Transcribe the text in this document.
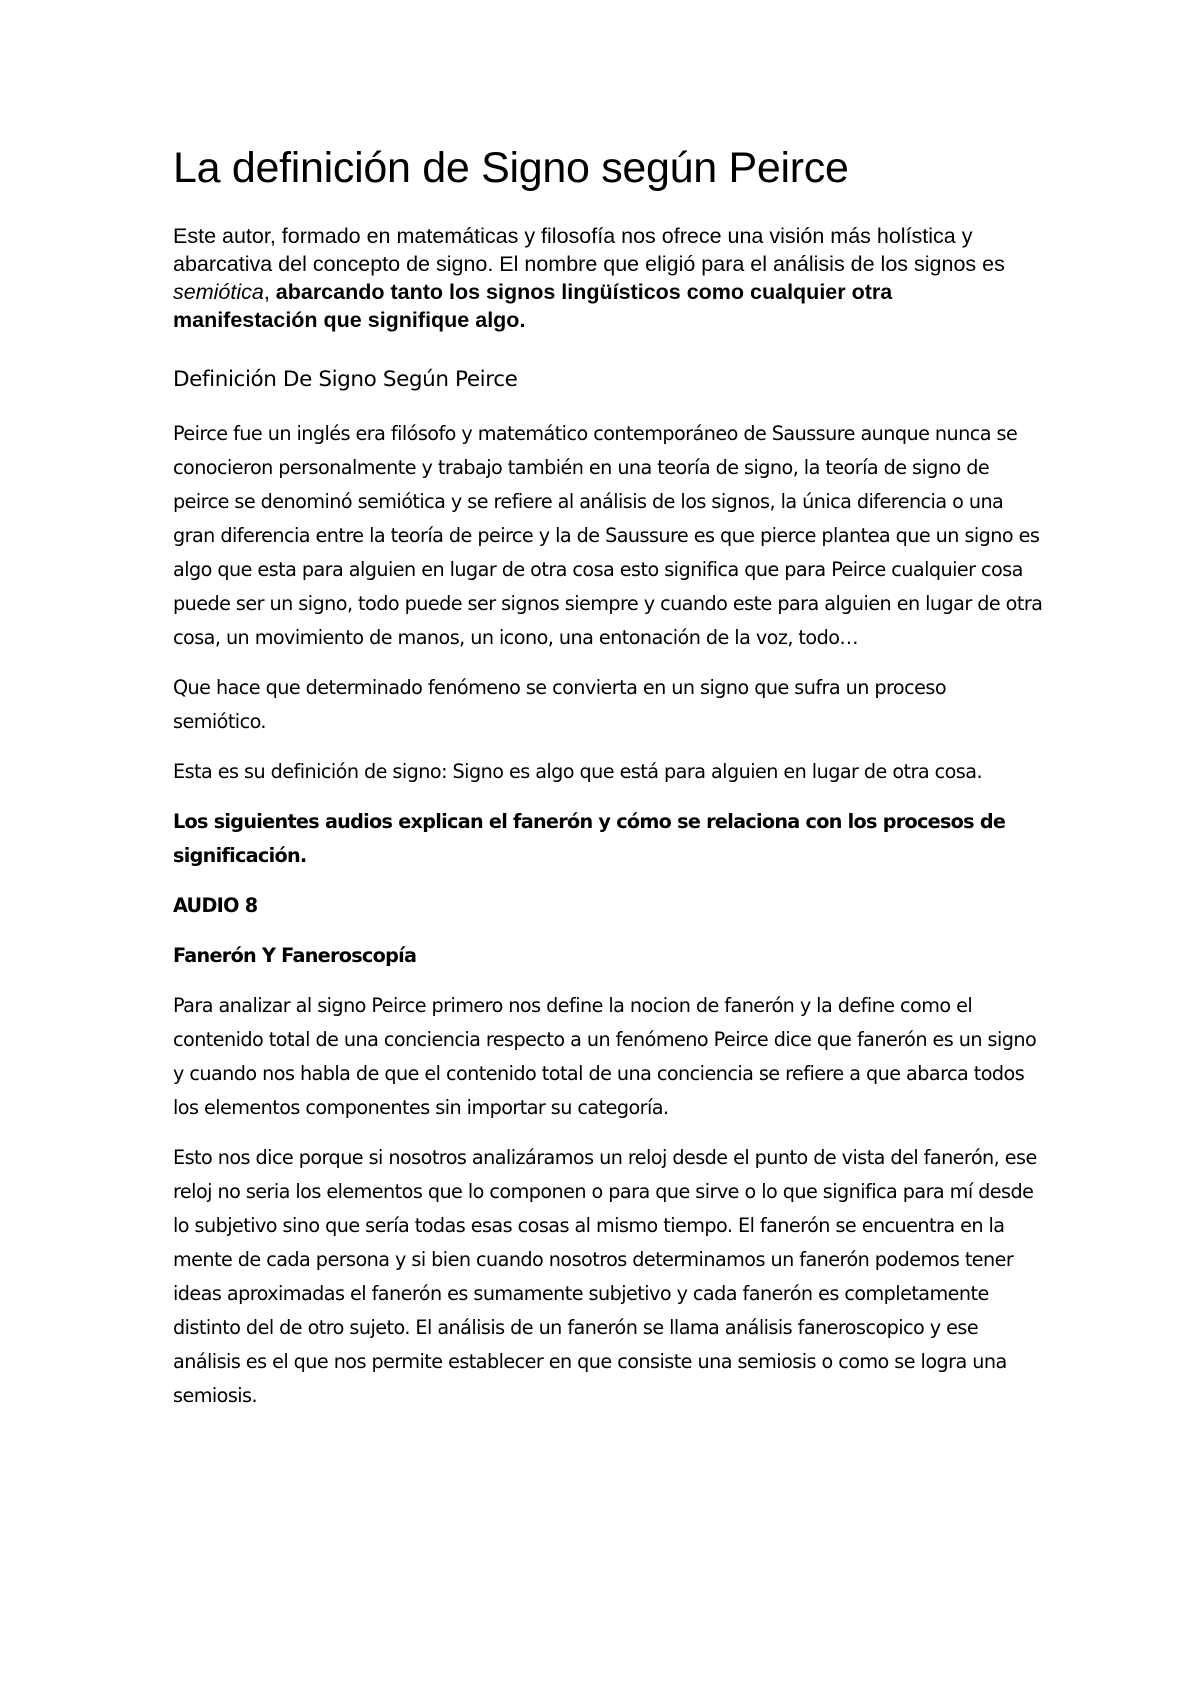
La definición de Signo según Peirce

Este autor, formado en matemáticas y filosofía nos ofrece una visión más holística y abarcativa del concepto de signo. El nombre que eligió para el análisis de los signos es semiótica, abarcando tanto los signos lingüísticos como cualquier otra manifestación que signifique algo.

Definición De Signo Según Peirce

Peirce fue un inglés era filósofo y matemático contemporáneo de Saussure aunque nunca se conocieron personalmente y trabajo también en una teoría de signo, la teoría de signo de peirce se denominó semiótica y se refiere al análisis de los signos, la única diferencia o una gran diferencia entre la teoría de peirce y la de Saussure es que pierce plantea que un signo es algo que esta para alguien en lugar de otra cosa esto significa que para Peirce cualquier cosa puede ser un signo, todo puede ser signos siempre y cuando este para alguien en lugar de otra cosa, un movimiento de manos, un icono, una entonación de la voz, todo…

Que hace que determinado fenómeno se convierta en un signo que sufra un proceso semiótico.

Esta es su definición de signo: Signo es algo que está para alguien en lugar de otra cosa.

Los siguientes audios explican el fanerón y cómo se relaciona con los procesos de significación.

AUDIO 8

Fanerón Y Faneroscopía

Para analizar al signo Peirce primero nos define la nocion de fanerón y la define como el contenido total de una conciencia respecto a un fenómeno Peirce dice que fanerón es un signo y cuando nos habla de que el contenido total de una conciencia se refiere a que abarca todos los elementos componentes sin importar su categoría.

Esto nos dice porque si nosotros analizáramos un reloj desde el punto de vista del fanerón, ese reloj no seria los elementos que lo componen o para que sirve o lo que significa para mí desde lo subjetivo sino que sería todas esas cosas al mismo tiempo. El fanerón se encuentra en la mente de cada persona y si bien cuando nosotros determinamos un fanerón podemos tener ideas aproximadas el fanerón es sumamente subjetivo y cada fanerón es completamente distinto del de otro sujeto. El análisis de un fanerón se llama análisis faneroscopico y ese análisis es el que nos permite establecer en que consiste una semiosis o como se logra una semiosis.
